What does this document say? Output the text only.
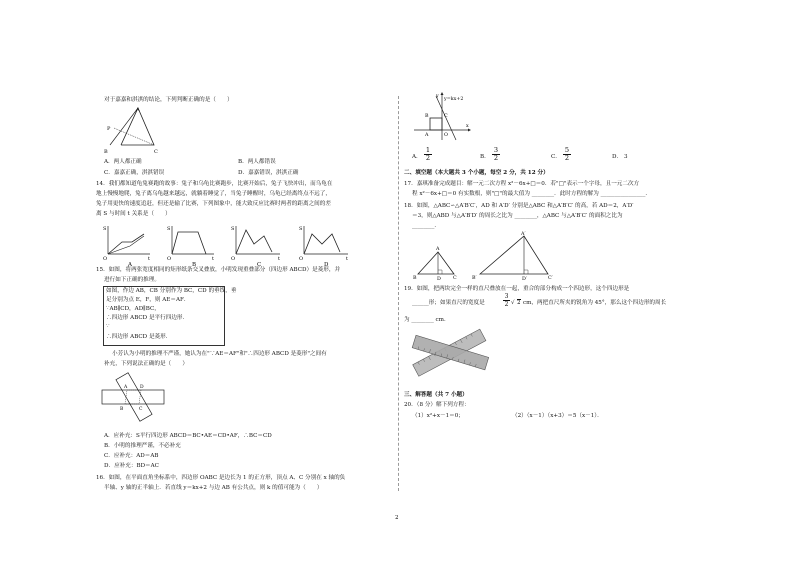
对于嘉嘉和淇淇的结论，下列判断正确的是（　　）
A
P
B	C
A．两人都正确	B．两人都错误
C．嘉嘉正确，淇淇错误	D．嘉嘉错误，淇淇正确
14．我们都知道龟兔赛跑的故事：兔子和乌龟比赛跑步，比赛开始后，兔子飞快冲出，而乌龟在
地上慢慢地爬，兔子离乌龟越来越远，就躺着睡觉了，当兔子睡醒时，乌龟已经离终点不远了，
兔子用更快的速度追赶，但还是输了比赛，下列图象中，能大致反应比赛时两者的距离之间的差
离 S 与时间 t 关系是（　　）
S
t
O
S
t
O
S
t
O
S
t
O
A	B	C	D
15．如图，将两张宽度相同的矩形纸条交叉叠放，小明发现重叠部分（四边形 ABCD）是菱形，并
进行如下正确的推理。
如图，作边 AB，CB 分别作为 BC，CD 的垂线，垂
足分别为点 E，F，则 AE＝AF．
∵AB∥CD，AD∥BC，
∴四边形 ABCD 是平行四边形．
∵
∴四边形 ABCD 是菱形．
小芳认为小明的推理不严谨，她认为在"∵AE＝AF"和"∴四边形 ABCD 是菱形"之间有
补充，下列说法正确的是（　　）
A	D
B	C
A．应补充：S平行四边形 ABCD＝BC•AE＝CD•AF，∴BC＝CD
B．小明的推理严谨，不必补充
C．应补充：AD＝AB
D．应补充：BD＝AC
16．如图，在平面直角坐标系中，四边形 OABC 是边长为 1 的正方形，顶点 A、C 分别在 x 轴的负
半轴、y 轴的正半轴上．若直线 y＝kx+2 与边 AB 有公共点，则 k 的值可能为（　　）
y=kx+2
x
y
B	C
A	O
A． $\frac{1}{2}$	B． $\frac{3}{2}$	C． $\frac{5}{2}$	D． 3
二、填空题（本大题共 3 个小题，每空 2 分，共 12 分）
17．嘉琪准备完成题目：解一元二次方程 x²－6x+□＝0．若"□"表示一个字母，且一元二次方
程 x²－6x+□＝0 有实数根，则"□"的最大值为 ________．此时方程的解为 ________________．
18．如图，△ABC∽△A′B′C′，AD 和 A′D′ 分别是△ABC 和△A′B′C′ 的高，若 AD＝2，A′D′
＝3，则△ABD 与△A′B′D′ 的周长之比为 ________，△ABC 与△A′B′C′ 的面积之比为
________．
A
B	D	C
A′
B′	D′	C′
19．如图，把两块完全一样的直尺叠放在一起，重合的部分构成一个四边形，这个四边形是
______形；如果直尺的宽度是	$\frac{3}{2}$ √ 2 cm，两把直尺所夹的锐角为 45°，那么这个四边形的周长
为 ________ cm．
三、解答题（共 7 小题）
20．（8 分）解下列方程：
（1）x²+x－1＝0；	（2）（x－1）（x+3）＝5（x－1）．
2
